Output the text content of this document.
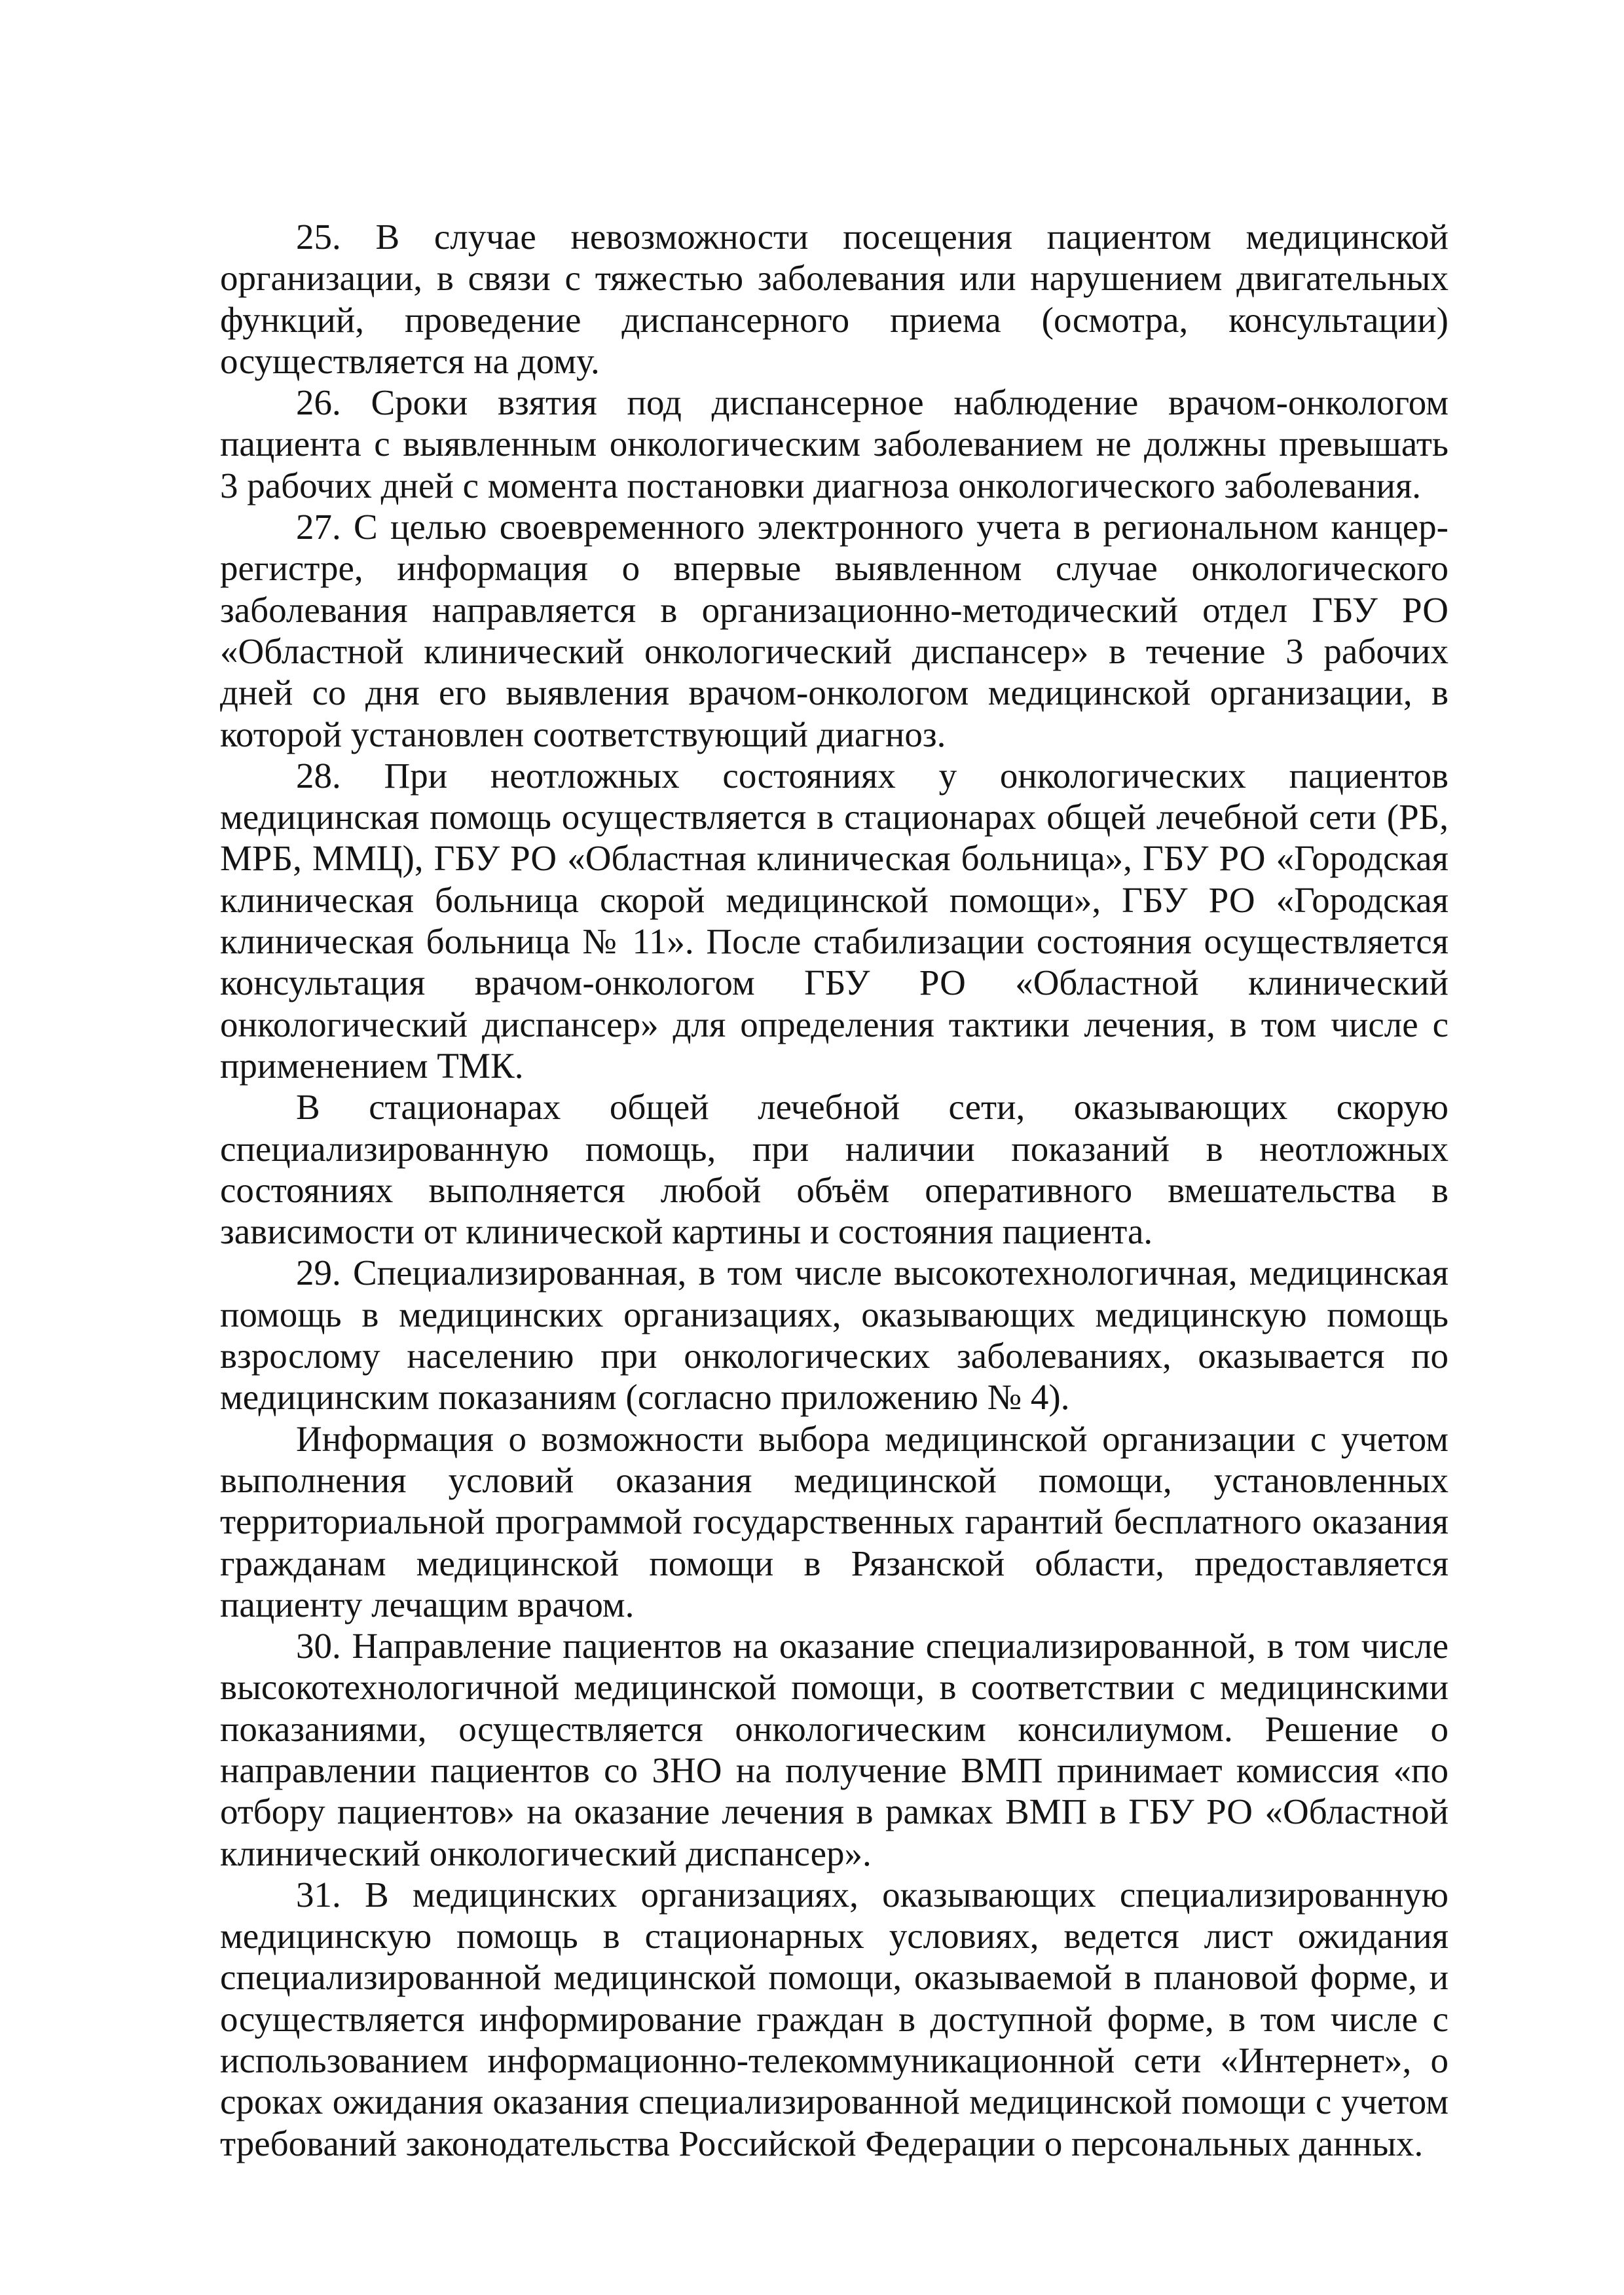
25. В случае невозможности посещения пациентом медицинской организации, в связи с тяжестью заболевания или нарушением двигательных функций, проведение диспансерного приема (осмотра, консультации) осуществляется на дому.

26. Сроки взятия под диспансерное наблюдение врачом-онкологом пациента с выявленным онкологическим заболеванием не должны превышать 3 рабочих дней с момента постановки диагноза онкологического заболевания.

27. С целью своевременного электронного учета в региональном канцер-регистре, информация о впервые выявленном случае онкологического заболевания направляется в организационно-методический отдел ГБУ РО «Областной клинический онкологический диспансер» в течение 3 рабочих дней со дня его выявления врачом-онкологом медицинской организации, в которой установлен соответствующий диагноз.

28. При неотложных состояниях у онкологических пациентов медицинская помощь осуществляется в стационарах общей лечебной сети (РБ, МРБ, ММЦ), ГБУ РО «Областная клиническая больница», ГБУ РО «Городская клиническая больница скорой медицинской помощи», ГБУ РО «Городская клиническая больница № 11». После стабилизации состояния осуществляется консультация врачом-онкологом ГБУ РО «Областной клинический онкологический диспансер» для определения тактики лечения, в том числе с применением ТМК.

В стационарах общей лечебной сети, оказывающих скорую специализированную помощь, при наличии показаний в неотложных состояниях выполняется любой объём оперативного вмешательства в зависимости от клинической картины и состояния пациента.

29. Специализированная, в том числе высокотехнологичная, медицинская помощь в медицинских организациях, оказывающих медицинскую помощь взрослому населению при онкологических заболеваниях, оказывается по медицинским показаниям (согласно приложению № 4).

Информация о возможности выбора медицинской организации с учетом выполнения условий оказания медицинской помощи, установленных территориальной программой государственных гарантий бесплатного оказания гражданам медицинской помощи в Рязанской области, предоставляется пациенту лечащим врачом.

30. Направление пациентов на оказание специализированной, в том числе высокотехнологичной медицинской помощи, в соответствии с медицинскими показаниями, осуществляется онкологическим консилиумом. Решение о направлении пациентов со ЗНО на получение ВМП принимает комиссия «по отбору пациентов» на оказание лечения в рамках ВМП в ГБУ РО «Областной клинический онкологический диспансер».

31. В медицинских организациях, оказывающих специализированную медицинскую помощь в стационарных условиях, ведется лист ожидания специализированной медицинской помощи, оказываемой в плановой форме, и осуществляется информирование граждан в доступной форме, в том числе с использованием информационно-телекоммуникационной сети «Интернет», о сроках ожидания оказания специализированной медицинской помощи с учетом требований законодательства Российской Федерации о персональных данных.
